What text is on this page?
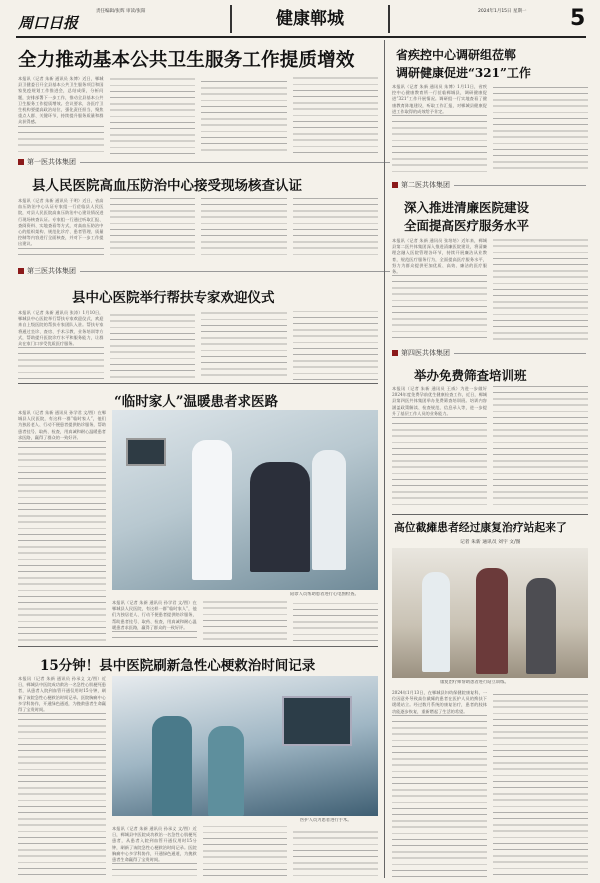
周口日报
责任编辑/张辉 审读/张阳	健康郸城	2024年1月15日 星期一 5
全力推动基本公共卫生服务工作提质增效
本报讯（记者 朱新 通讯员 朱博）近日，郸城县卫健委召开全县基本公共卫生服务项目和国家免疫规划工作推进会，总结成绩，分析问题，安排部署下一步工作，推动全县基本公共卫生服务工作提质增效。会议要求，各医疗卫生机构要提高政治站位，强化责任担当，聚焦重点人群、关键环节，持续提升服务质量和群众获得感。
第一医共体集团
县人民医院高血压防治中心接受现场核查认证
本报讯（记者 朱新 通讯员 于明）近日，省高血压防治中心认证专家组一行莅临县人民医院，对县人民医院高血压防治中心建设情况进行现场核查认证。专家组一行通过听取汇报、查阅资料、实地查看等方式，对高血压防治中心的组织架构、规范化诊疗、患者管理、质量控制等内容进行全面核查，并对下一步工作提出建议。
第三医共体集团
县中心医院举行帮扶专家欢迎仪式
本报讯（记者 朱新 通讯员 张涛）1月10日，郸城县中心医院举行帮扶专家欢迎仪式，欢迎来自上级医院的帮扶专家团队入驻。帮扶专家将通过坐诊、查房、手术示教、业务培训等方式，帮助提升医院诊疗水平和服务能力，让群众在家门口享受优质医疗服务。
“临时家人”温暖患者求医路
本报讯（记者 朱新 通讯员 孙学君 文/图）在郸城县人民医院，有这样一群“临时家人”，他们为独居老人、行动不便患者提供陪诊服务，帮助患者挂号、取药、检查，用真诚和耐心温暖患者求医路，赢得了群众的一致好评。
陪诊人员帮助患者进行心电图检查。
本报讯（记者 朱新 通讯员 孙学君 文/图）在郸城县人民医院，有这样一群“临时家人”，他们为独居老人、行动不便患者提供陪诊服务，帮助患者挂号、取药、检查，用真诚和耐心温暖患者求医路，赢得了群众的一致好评。
15分钟！县中医院刷新急性心梗救治时间记录
本报讯（记者 朱新 通讯员 孙承义 文/图）近日，郸城县中医院成功救治一名急性心肌梗死患者，从患者入院到血管开通仅用时15分钟，刷新了该院急性心梗救治时间记录。医院胸痛中心多学科协作，开通绿色通道，为挽救患者生命赢得了宝贵时间。
医护人员为患者进行手术。
本报讯（记者 朱新 通讯员 孙承义 文/图）近日，郸城县中医院成功救治一名急性心肌梗死患者，从患者入院到血管开通仅用时15分钟，刷新了该院急性心梗救治时间记录。医院胸痛中心多学科协作，开通绿色通道，为挽救患者生命赢得了宝贵时间。
省疾控中心调研组莅郸
调研健康促进“321”工作
本报讯（记者 朱新 通讯员 朱博）1月11日，省疾控中心健康教育所一行莅临郸城县，调研健康促进“321”工作开展情况。调研组一行实地查看了健康教育阵地建设，听取工作汇报，对郸城县健康促进工作取得的成效给予肯定。
第二医共体集团
深入推进清廉医院建设
全面提高医疗服务水平
本报讯（记者 朱新 通讯员 张培培）近年来，郸城县第二医共体集团深入推进清廉医院建设，将清廉理念融入医院管理各环节，持续开展廉洁从业教育，规范医疗服务行为，全面提高医疗服务水平，努力为群众提供更加优质、高效、廉洁的医疗服务。
第四医共体集团
举办免费筛查培训班
本报讯（记者 朱新 通讯员 王威）为进一步做好2024年度免费孕前优生健康检查工作，近日，郸城县第四医共体集团举办免费筛查培训班。培训内容涵盖政策解读、检查规范、信息录入等，进一步提升了基层工作人员的业务能力。
高位截瘫患者经过康复治疗站起来了
记者 朱新 通讯员 刘宇 文/图
康复治疗师帮助患者进行站立训练。
2024年1月13日，在郸城县妇幼保健院康复科，一位因意外导致高位截瘫的患者在医护人员的搀扶下缓缓站立。经过数月系统的康复治疗，患者的肢体功能逐步恢复，重新燃起了生活的希望。
